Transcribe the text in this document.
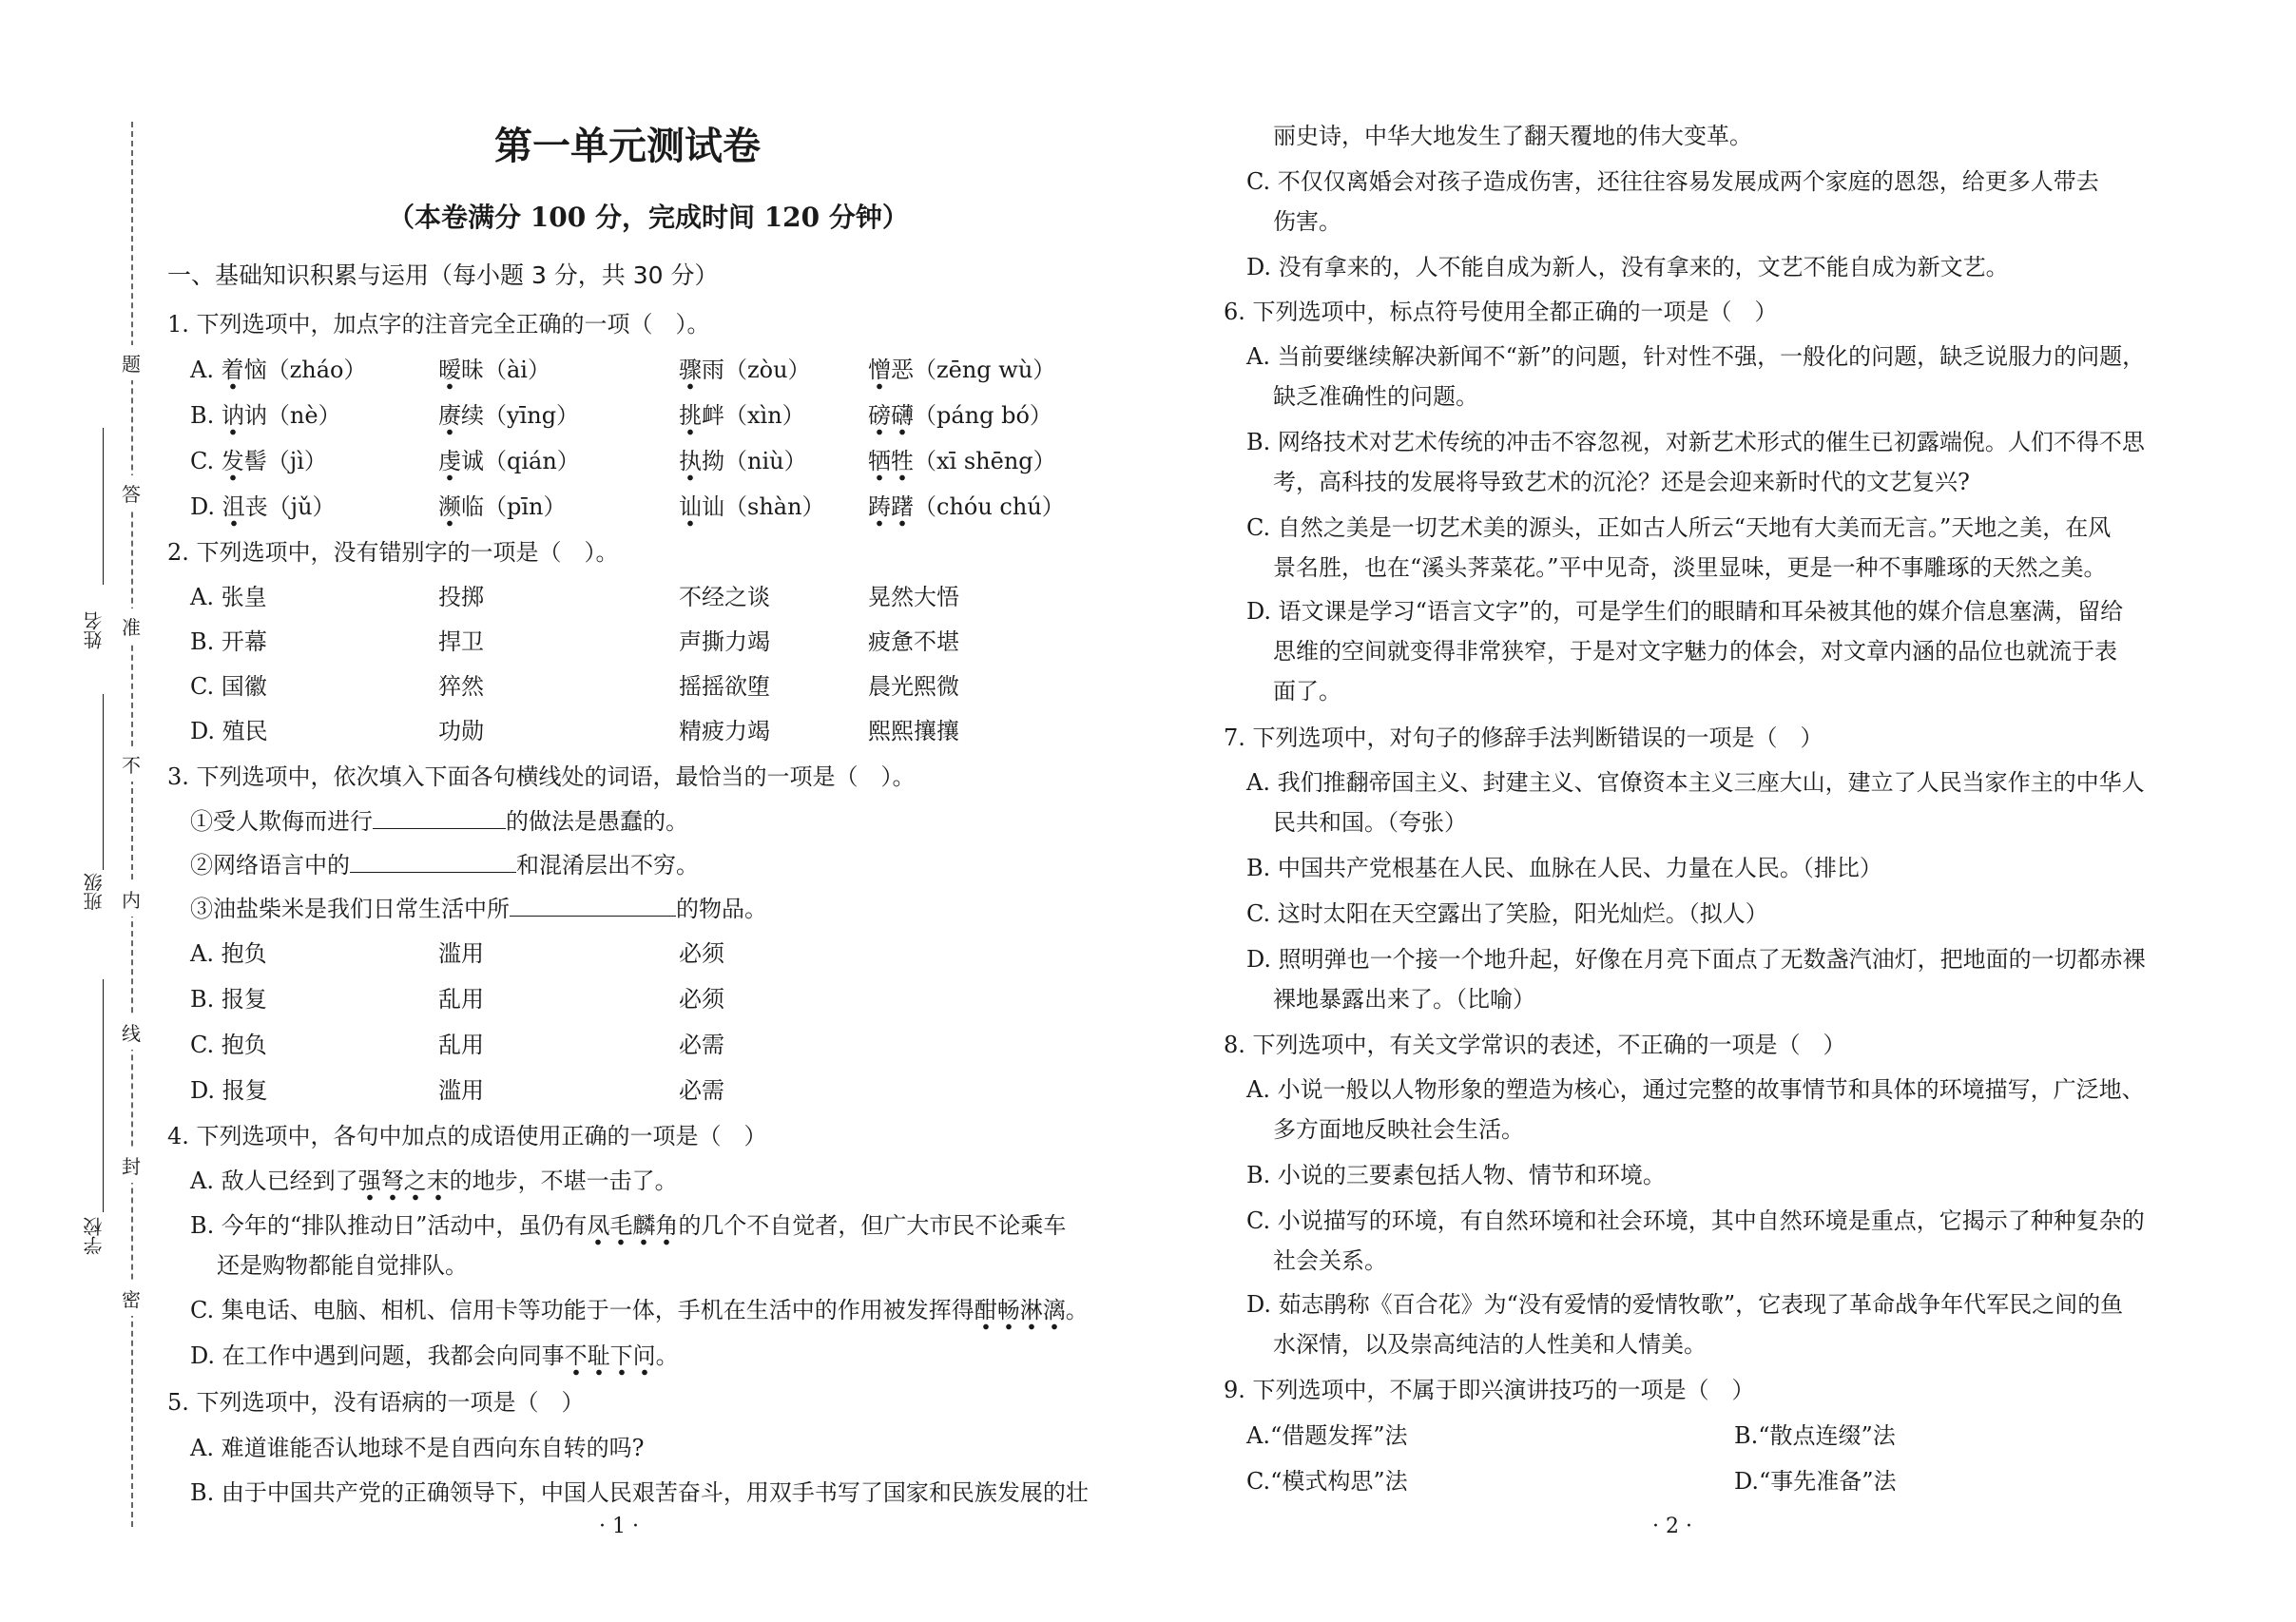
题
答
准
不
内
线
封
密
姓名
班级
学校
第一单元测试卷
（本卷满分 100 分，完成时间 120 分钟）
一、基础知识积累与运用（每小题 3 分，共 30 分）
1. 下列选项中，加点字的注音完全正确的一项（　）。
A. 着恼（zháo）	暧昧（ài）	骤雨（zòu）	憎恶（zēng wù）
B. 讷讷（nè）	赓续（yīng）	挑衅（xìn）	磅礴（páng bó）
C. 发髻（jì）	虔诚（qián）	执拗（niù）	牺牲（xī shēng）
D. 沮丧（jǔ）	濒临（pīn）	讪讪（shàn） 踌躇（chóu chú）
2. 下列选项中，没有错别字的一项是（　）。
A. 张皇	投掷	不经之谈	晃然大悟
B. 开幕	捍卫	声撕力竭	疲惫不堪
C. 国徽	猝然	摇摇欲堕	晨光熙微
D. 殖民	功勋	精疲力竭	熙熙攘攘
3. 下列选项中，依次填入下面各句横线处的词语，最恰当的一项是（　）。
①受人欺侮而进行	的做法是愚蠢的。
②网络语言中的	和混淆层出不穷。
③油盐柴米是我们日常生活中所	的物品。
A. 抱负	滥用	必须
B. 报复	乱用	必须
C. 抱负	乱用	必需
D. 报复	滥用	必需
4. 下列选项中，各句中加点的成语使用正确的一项是（　）
A. 敌人已经到了强弩之末的地步，不堪一击了。
B. 今年的“排队推动日”活动中，虽仍有凤毛麟角的几个不自觉者，但广大市民不论乘车
还是购物都能自觉排队。
C. 集电话、电脑、相机、信用卡等功能于一体，手机在生活中的作用被发挥得酣畅淋漓。
D. 在工作中遇到问题，我都会向同事不耻下问。
5. 下列选项中，没有语病的一项是（　）
A. 难道谁能否认地球不是自西向东自转的吗?
B. 由于中国共产党的正确领导下，中国人民艰苦奋斗，用双手书写了国家和民族发展的壮
· 1 ·
丽史诗，中华大地发生了翻天覆地的伟大变革。
C. 不仅仅离婚会对孩子造成伤害，还往往容易发展成两个家庭的恩怨，给更多人带去
伤害。
D. 没有拿来的，人不能自成为新人，没有拿来的，文艺不能自成为新文艺。
6. 下列选项中，标点符号使用全都正确的一项是（　）
A. 当前要继续解决新闻不“新”的问题，针对性不强，一般化的问题，缺乏说服力的问题，
缺乏准确性的问题。
B. 网络技术对艺术传统的冲击不容忽视，对新艺术形式的催生已初露端倪。人们不得不思
考，高科技的发展将导致艺术的沉沦？还是会迎来新时代的文艺复兴?
C. 自然之美是一切艺术美的源头，正如古人所云“天地有大美而无言。”天地之美，在风
景名胜，也在“溪头荠菜花。”平中见奇，淡里显味，更是一种不事雕琢的天然之美。
D. 语文课是学习“语言文字”的，可是学生们的眼睛和耳朵被其他的媒介信息塞满，留给
思维的空间就变得非常狭窄，于是对文字魅力的体会，对文章内涵的品位也就流于表
面了。
7. 下列选项中，对句子的修辞手法判断错误的一项是（　）
A. 我们推翻帝国主义、封建主义、官僚资本主义三座大山，建立了人民当家作主的中华人
民共和国。（夸张）
B. 中国共产党根基在人民、血脉在人民、力量在人民。（排比）
C. 这时太阳在天空露出了笑脸，阳光灿烂。（拟人）
D. 照明弹也一个接一个地升起，好像在月亮下面点了无数盏汽油灯，把地面的一切都赤裸
裸地暴露出来了。（比喻）
8. 下列选项中，有关文学常识的表述，不正确的一项是（　）
A. 小说一般以人物形象的塑造为核心，通过完整的故事情节和具体的环境描写，广泛地、
多方面地反映社会生活。
B. 小说的三要素包括人物、情节和环境。
C. 小说描写的环境，有自然环境和社会环境，其中自然环境是重点，它揭示了种种复杂的
社会关系。
D. 茹志鹃称《百合花》为“没有爱情的爱情牧歌”，它表现了革命战争年代军民之间的鱼
水深情，以及崇高纯洁的人性美和人情美。
9. 下列选项中，不属于即兴演讲技巧的一项是（　）
A.“借题发挥”法	B.“散点连缀”法
C.“模式构思”法	D.“事先准备”法
· 2 ·
